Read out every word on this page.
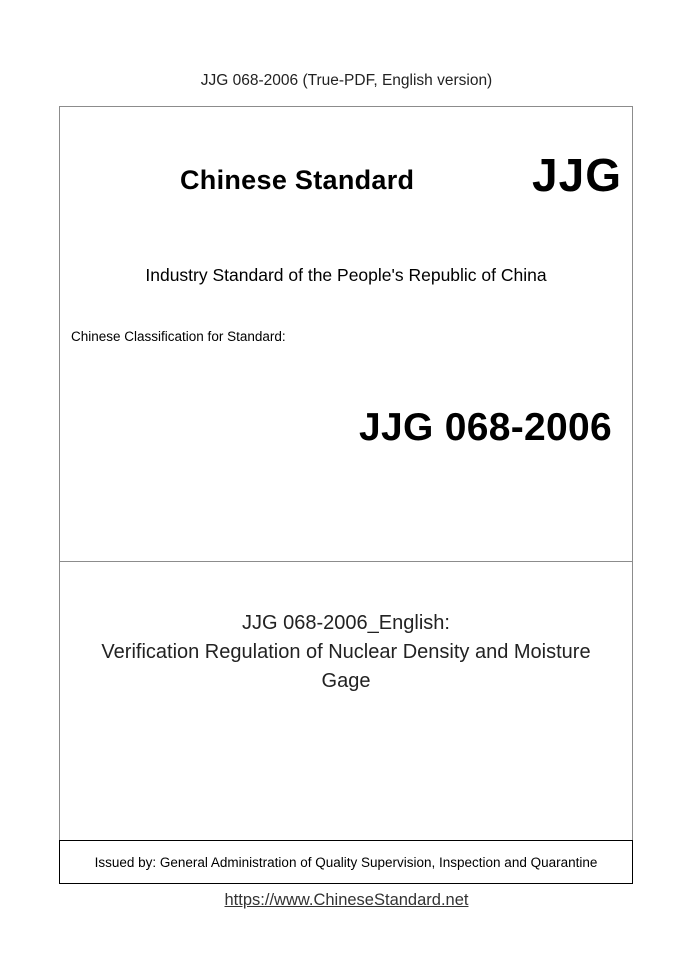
JJG 068-2006 (True-PDF, English version)
Chinese Standard	JJG
Industry Standard of the People's Republic of China
Chinese Classification for Standard:
JJG 068-2006
JJG 068-2006_English:
Verification Regulation of Nuclear Density and Moisture
Gage
Issued by: General Administration of Quality Supervision, Inspection and Quarantine
https://www.ChineseStandard.net
